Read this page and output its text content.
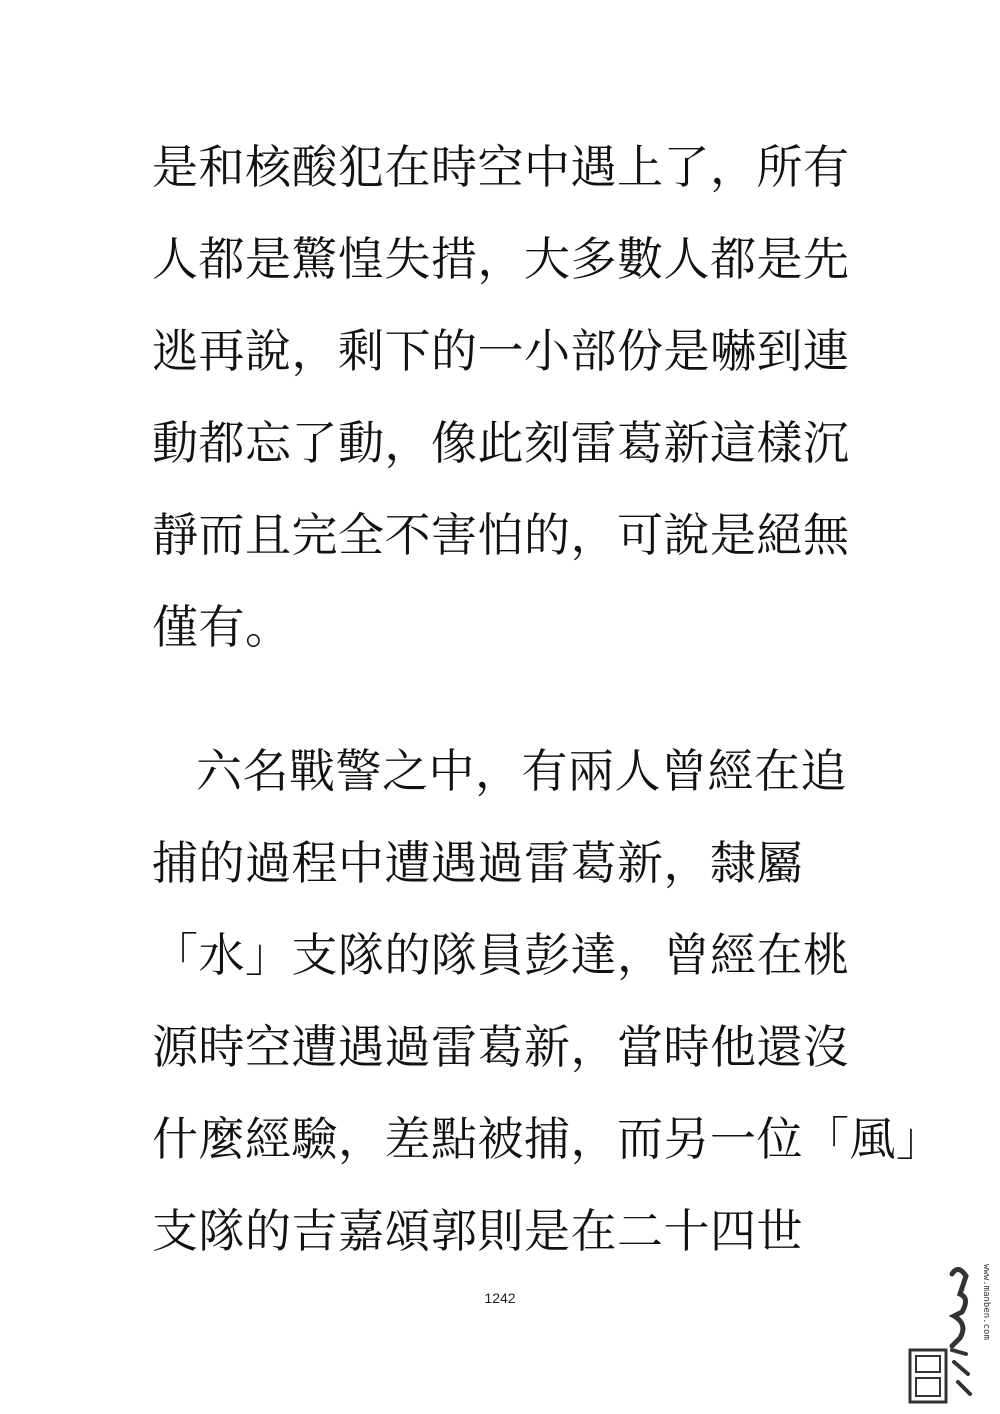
是和核酸犯在時空中遇上了，所有
人都是驚惶失措，大多數人都是先
逃再說，剩下的一小部份是嚇到連
動都忘了動，像此刻雷葛新這樣沉
靜而且完全不害怕的，可說是絕無
僅有。
六名戰警之中，有兩人曾經在追
捕的過程中遭遇過雷葛新，隸屬
「水」支隊的隊員彭達，曾經在桃
源時空遭遇過雷葛新，當時他還沒
什麼經驗，差點被捕，而另一位「風」
支隊的吉嘉頌郭則是在二十四世
1242	www.manben.com
